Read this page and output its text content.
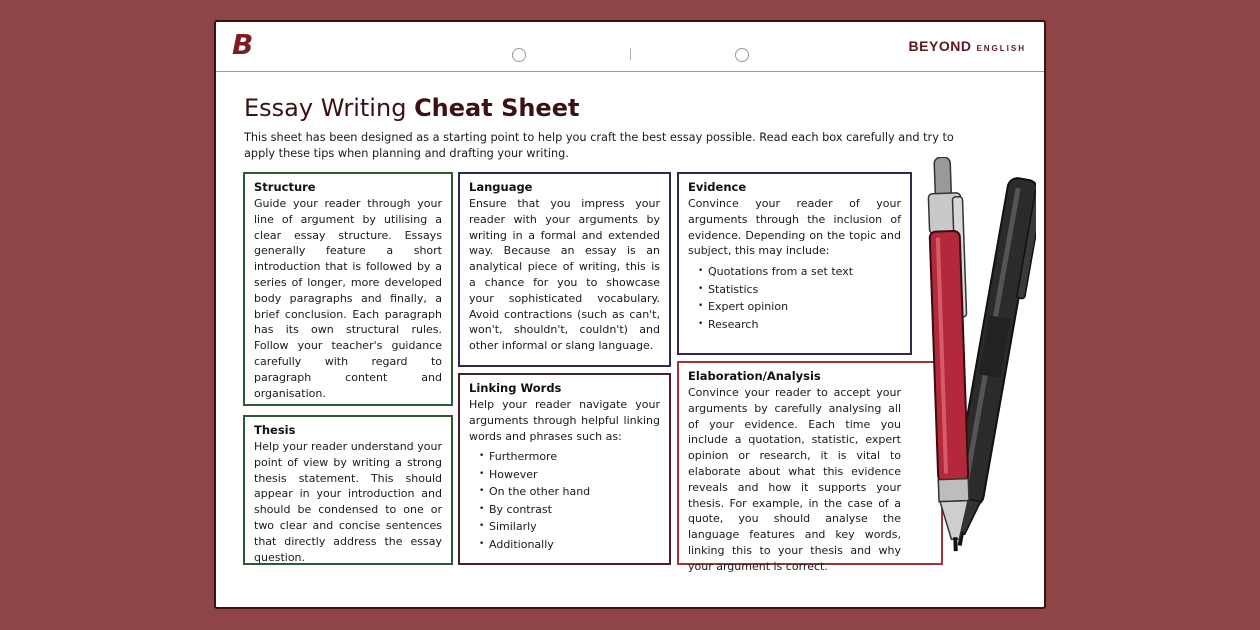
B	BEYOND ENGLISH
Essay Writing Cheat Sheet
This sheet has been designed as a starting point to help you craft the best essay possible. Read each box carefully and try to apply these tips when planning and drafting your writing.
Structure

Guide your reader through your line of argument by utilising a clear essay structure. Essays generally feature a short introduction that is followed by a series of longer, more developed body paragraphs and finally, a brief conclusion. Each paragraph has its own structural rules. Follow your teacher's guidance carefully with regard to paragraph content and organisation.

Thesis

Help your reader understand your point of view by writing a strong thesis statement. This should appear in your introduction and should be condensed to one or two clear and concise sentences that directly address the essay question.

Language

Ensure that you impress your reader with your arguments by writing in a formal and extended way. Because an essay is an analytical piece of writing, this is a chance for you to showcase your sophisticated vocabulary. Avoid contractions (such as can't, won't, shouldn't, couldn't) and other informal or slang language.

Linking Words

Help your reader navigate your arguments through helpful linking words and phrases such as:

• Furthermore
• However
• On the other hand
• By contrast
• Similarly
• Additionally
Evidence

Convince your reader of your arguments through the inclusion of evidence. Depending on the topic and subject, this may include:

• Quotations from a set text
• Statistics
• Expert opinion
• Research
Elaboration/Analysis

Convince your reader to accept your arguments by carefully analysing all of your evidence. Each time you include a quotation, statistic, expert opinion or research, it is vital to elaborate about what this evidence reveals and how it supports your thesis. For example, in the case of a quote, you should analyse the language features and key words, linking this to your thesis and why your argument is correct.
